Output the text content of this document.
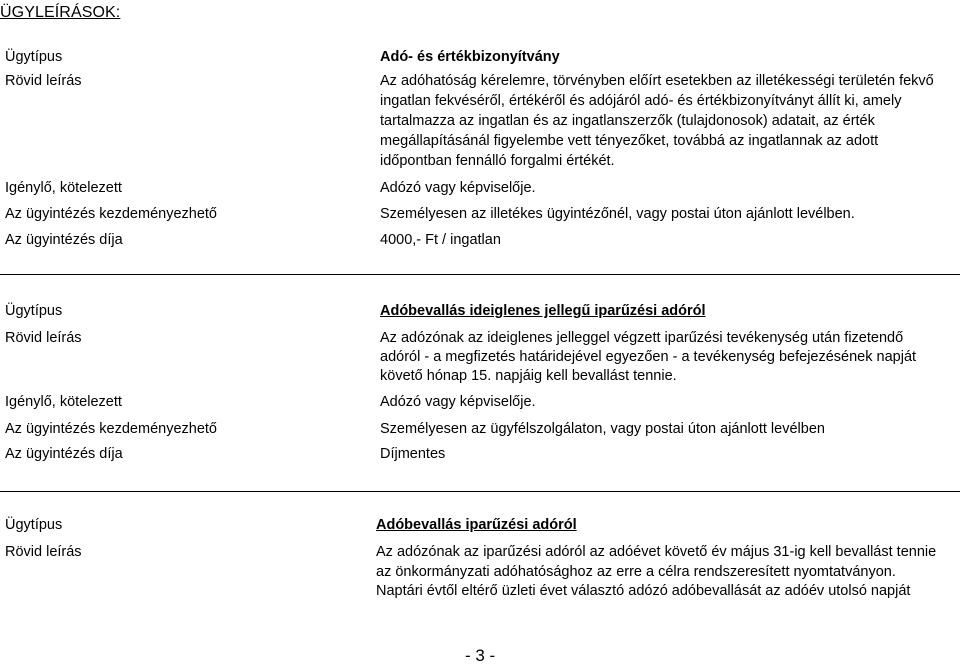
ÜGYLEÍRÁSOK:
Ügytípus	Adó- és értékbizonyítvány
Rövid leírás	Az adóhatóság kérelemre, törvényben előírt esetekben az illetékességi területén fekvő
ingatlan fekvéséről, értékéről és adójáról adó- és értékbizonyítványt állít ki, amely
tartalmazza az ingatlan és az ingatlanszerzők (tulajdonosok) adatait, az érték
megállapításánál figyelembe vett tényezőket, továbbá az ingatlannak az adott
időpontban fennálló forgalmi értékét.
Igénylő, kötelezett	Adózó vagy képviselője.
Az ügyintézés kezdeményezhető	Személyesen az illetékes ügyintézőnél, vagy postai úton ajánlott levélben.
Az ügyintézés díja	4000,- Ft / ingatlan
Ügytípus	Adóbevallás ideiglenes jellegű iparűzési adóról
Rövid leírás	Az adózónak az ideiglenes jelleggel végzett iparűzési tevékenység után fizetendő
adóról - a megfizetés határidejével egyezően - a tevékenység befejezésének napját
követő hónap 15. napjáig kell bevallást tennie.
Igénylő, kötelezett	Adózó vagy képviselője.
Az ügyintézés kezdeményezhető	Személyesen az ügyfélszolgálaton, vagy postai úton ajánlott levélben
Az ügyintézés díja	Díjmentes
Ügytípus	Adóbevallás iparűzési adóról
Rövid leírás	Az adózónak az iparűzési adóról az adóévet követő év május 31-ig kell bevallást tennie
az önkormányzati adóhatósághoz az erre a célra rendszeresített nyomtatványon.
Naptári évtől eltérő üzleti évet választó adózó adóbevallását az adóév utolsó napját
- 3 -
